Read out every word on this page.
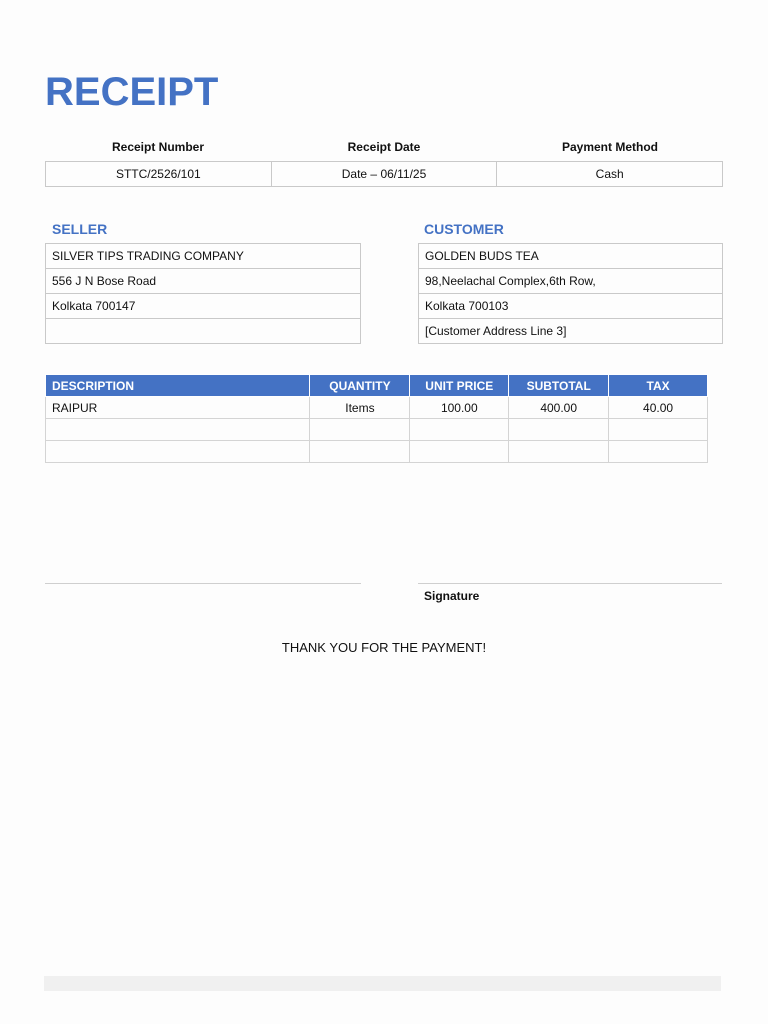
RECEIPT
Receipt Number	Receipt Date	Payment Method
STTC/2526/101	Date – 06/11/25	Cash
SELLER
SILVER TIPS TRADING COMPANY
556 J N Bose Road
Kolkata 700147
CUSTOMER
GOLDEN BUDS TEA
98,Neelachal Complex,6th Row,
Kolkata 700103
[Customer Address Line 3]
DESCRIPTION	QUANTITY	UNIT PRICE	SUBTOTAL	TAX
RAIPUR	Items	100.00	400.00	40.00

Signature
THANK YOU FOR THE PAYMENT!
